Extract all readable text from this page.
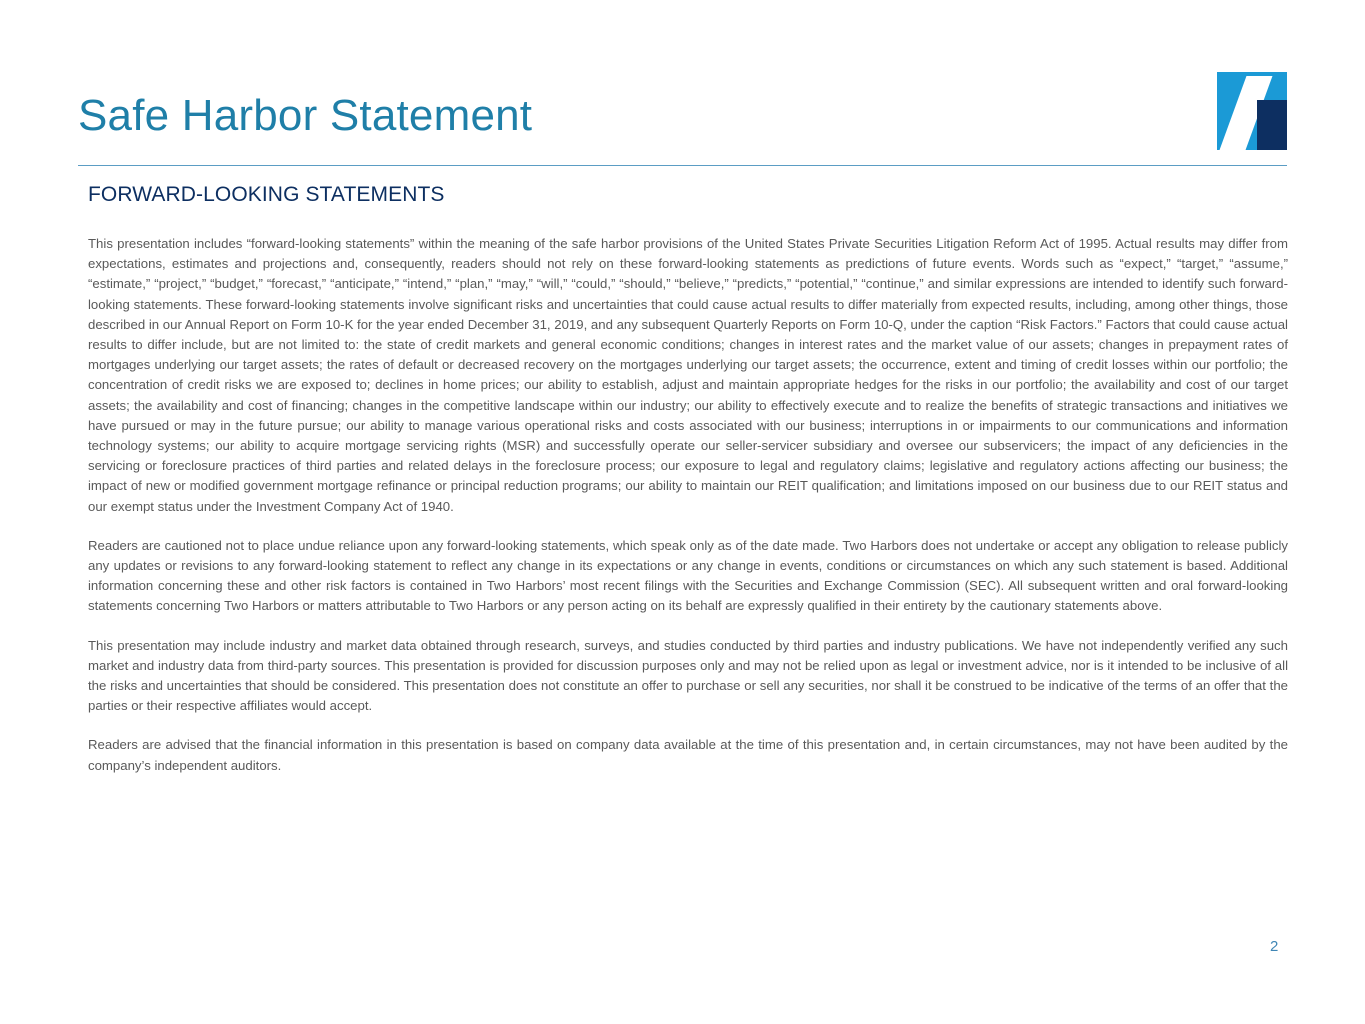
Safe Harbor Statement
FORWARD-LOOKING STATEMENTS

This presentation includes “forward-looking statements” within the meaning of the safe harbor provisions of the United States Private Securities Litigation Reform Act of 1995. Actual results may differ from expectations, estimates and projections and, consequently, readers should not rely on these forward-looking statements as predictions of future events. Words such as “expect,” “target,” “assume,” “estimate,” “project,” “budget,” “forecast,” “anticipate,” “intend,” “plan,” “may,” “will,” “could,” “should,” “believe,” “predicts,” “potential,” “continue,” and similar expressions are intended to identify such forward-looking statements. These forward-looking statements involve significant risks and uncertainties that could cause actual results to differ materially from expected results, including, among other things, those described in our Annual Report on Form 10-K for the year ended December 31, 2019, and any subsequent Quarterly Reports on Form 10-Q, under the caption “Risk Factors.” Factors that could cause actual results to differ include, but are not limited to: the state of credit markets and general economic conditions; changes in interest rates and the market value of our assets; changes in prepayment rates of mortgages underlying our target assets; the rates of default or decreased recovery on the mortgages underlying our target assets; the occurrence, extent and timing of credit losses within our portfolio; the concentration of credit risks we are exposed to; declines in home prices; our ability to establish, adjust and maintain appropriate hedges for the risks in our portfolio; the availability and cost of our target assets; the availability and cost of financing; changes in the competitive landscape within our industry; our ability to effectively execute and to realize the benefits of strategic transactions and initiatives we have pursued or may in the future pursue; our ability to manage various operational risks and costs associated with our business; interruptions in or impairments to our communications and information technology systems; our ability to acquire mortgage servicing rights (MSR) and successfully operate our seller-servicer subsidiary and oversee our subservicers; the impact of any deficiencies in the servicing or foreclosure practices of third parties and related delays in the foreclosure process; our exposure to legal and regulatory claims; legislative and regulatory actions affecting our business; the impact of new or modified government mortgage refinance or principal reduction programs; our ability to maintain our REIT qualification; and limitations imposed on our business due to our REIT status and our exempt status under the Investment Company Act of 1940.

Readers are cautioned not to place undue reliance upon any forward-looking statements, which speak only as of the date made. Two Harbors does not undertake or accept any obligation to release publicly any updates or revisions to any forward-looking statement to reflect any change in its expectations or any change in events, conditions or circumstances on which any such statement is based. Additional information concerning these and other risk factors is contained in Two Harbors’ most recent filings with the Securities and Exchange Commission (SEC). All subsequent written and oral forward-looking statements concerning Two Harbors or matters attributable to Two Harbors or any person acting on its behalf are expressly qualified in their entirety by the cautionary statements above.

This presentation may include industry and market data obtained through research, surveys, and studies conducted by third parties and industry publications. We have not independently verified any such market and industry data from third-party sources. This presentation is provided for discussion purposes only and may not be relied upon as legal or investment advice, nor is it intended to be inclusive of all the risks and uncertainties that should be considered. This presentation does not constitute an offer to purchase or sell any securities, nor shall it be construed to be indicative of the terms of an offer that the parties or their respective affiliates would accept.

Readers are advised that the financial information in this presentation is based on company data available at the time of this presentation and, in certain circumstances, may not have been audited by the company’s independent auditors.

2
